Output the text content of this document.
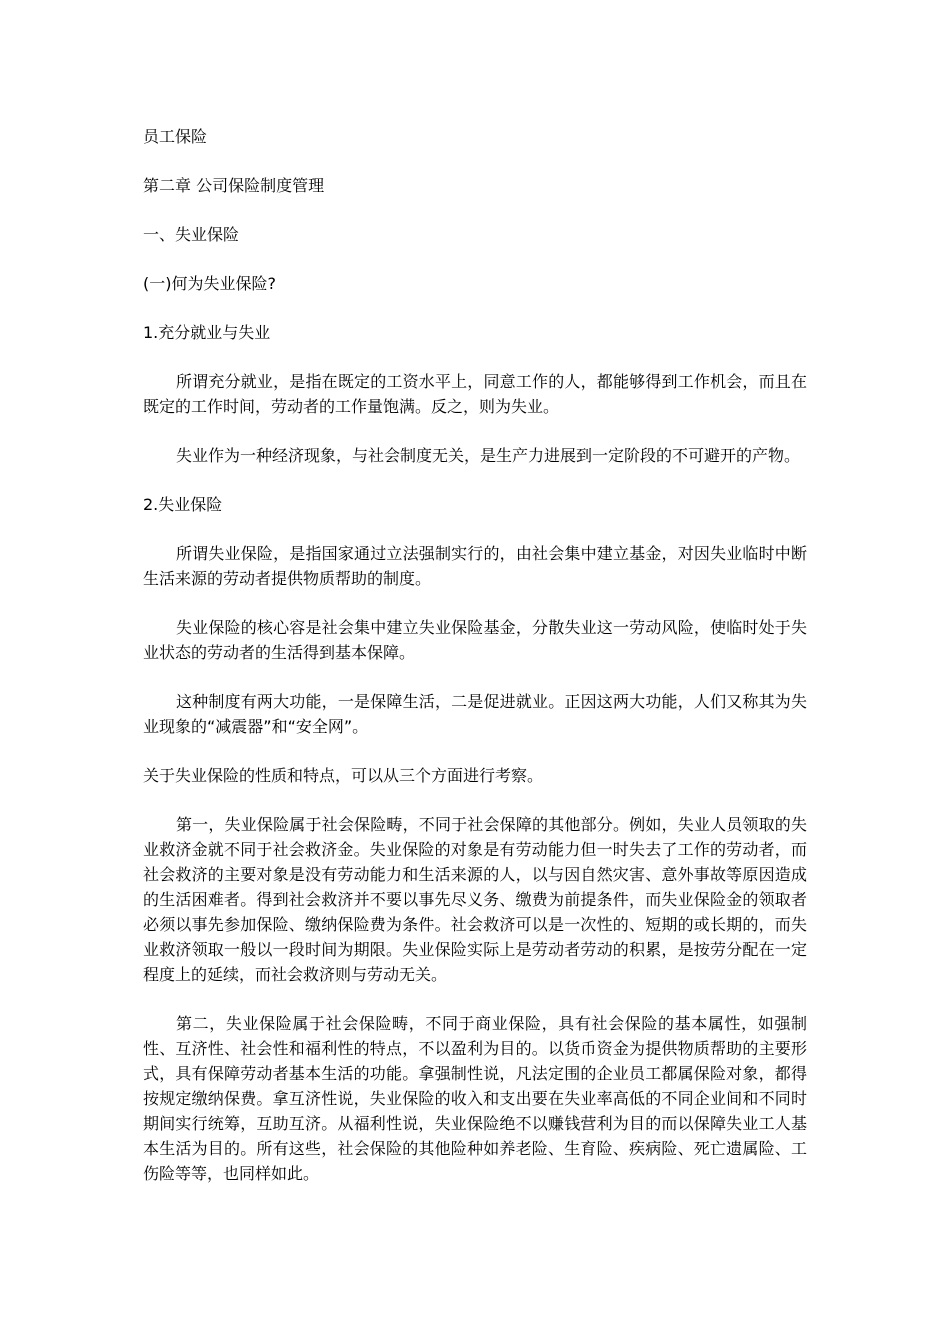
员工保险
第二章 公司保险制度管理
一、失业保险
(一)何为失业保险?
1.充分就业与失业

所谓充分就业，是指在既定的工资水平上，同意工作的人，都能够得到工作机会，而且在既定的工作时间，劳动者的工作量饱满。反之，则为失业。

失业作为一种经济现象，与社会制度无关，是生产力进展到一定阶段的不可避开的产物。

2.失业保险

所谓失业保险，是指国家通过立法强制实行的，由社会集中建立基金，对因失业临时中断生活来源的劳动者提供物质帮助的制度。

失业保险的核心容是社会集中建立失业保险基金，分散失业这一劳动风险，使临时处于失业状态的劳动者的生活得到基本保障。

这种制度有两大功能，一是保障生活，二是促进就业。正因这两大功能，人们又称其为失业现象的“减震器”和“安全网”。

关于失业保险的性质和特点，可以从三个方面进行考察。

第一，失业保险属于社会保险畴，不同于社会保障的其他部分。例如，失业人员领取的失业救济金就不同于社会救济金。失业保险的对象是有劳动能力但一时失去了工作的劳动者，而社会救济的主要对象是没有劳动能力和生活来源的人，以与因自然灾害、意外事故等原因造成的生活困难者。得到社会救济并不要以事先尽义务、缴费为前提条件，而失业保险金的领取者必须以事先参加保险、缴纳保险费为条件。社会救济可以是一次性的、短期的或长期的，而失业救济领取一般以一段时间为期限。失业保险实际上是劳动者劳动的积累，是按劳分配在一定程度上的延续，而社会救济则与劳动无关。

第二，失业保险属于社会保险畴，不同于商业保险，具有社会保险的基本属性，如强制性、互济性、社会性和福利性的特点，不以盈利为目的。以货币资金为提供物质帮助的主要形式，具有保障劳动者基本生活的功能。拿强制性说，凡法定围的企业员工都属保险对象，都得按规定缴纳保费。拿互济性说，失业保险的收入和支出要在失业率高低的不同企业间和不同时期间实行统筹，互助互济。从福利性说，失业保险绝不以赚钱营利为目的而以保障失业工人基本生活为目的。所有这些，社会保险的其他险种如养老险、生育险、疾病险、死亡遗属险、工伤险等等，也同样如此。
